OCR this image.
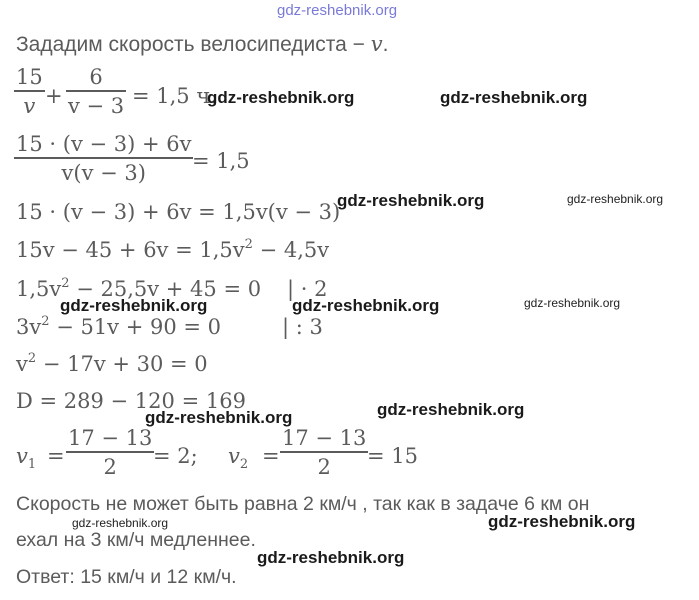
gdz-reshebnik.org
Зададим скорость велосипедиста − v.
15
v +
6
v − 3 = 1,5 ч.
15 · (v − 3) + 6v
v(v − 3) = 1,5
15 · (v − 3) + 6v = 1,5v(v − 3)
$15v - 45 + 6v = 1,5v^2 - 4,5v$
$1,5v^2 - 25,5v + 45 = 0$ | · 2
$3v^2 - 51v + 90 = 0$	| : 3
$v^2 - 17v + 30 = 0$
D = 289 − 120 = 169
$v_1$ =
17 − 13
2 = 2; $v_2$ =
17 − 13
2 = 15
Скорость не может быть равна 2 км/ч , так как в задаче 6 км он
ехал на 3 км/ч медленнее.
Ответ: 15 км/ч и 12 км/ч.
gdz-reshebnik.org	gdz-reshebnik.org
gdz-reshebnik.org	gdz-reshebnik.org
gdz-reshebnik.org	gdz-reshebnik.org	gdz-reshebnik.org
gdz-reshebnik.org	gdz-reshebnik.org
gdz-reshebnik.org	gdz-reshebnik.org
gdz-reshebnik.org
